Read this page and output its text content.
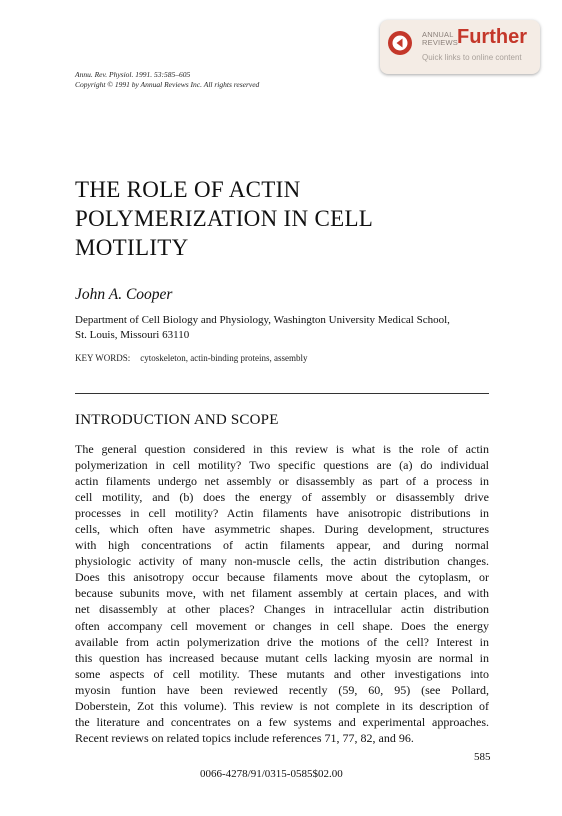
ANNUAL
REVIEWS Further
Quick links to online content
Annu. Rev. Physiol. 1991. 53:585–605
Copyright © 1991 by Annual Reviews Inc. All rights reserved
THE ROLE OF ACTIN
POLYMERIZATION IN CELL
MOTILITY
John A. Cooper
Department of Cell Biology and Physiology, Washington University Medical School,
St. Louis, Missouri 63110
KEY WORDS: cytoskeleton, actin-binding proteins, assembly
INTRODUCTION AND SCOPE
The general question considered in this review is what is the role of actin
polymerization in cell motility? Two specific questions are (a) do individual
actin filaments undergo net assembly or disassembly as part of a process in
cell motility, and (b) does the energy of assembly or disassembly drive
processes in cell motility? Actin filaments have anisotropic distributions in
cells, which often have asymmetric shapes. During development, structures
with high concentrations of actin filaments appear, and during normal
physiologic activity of many non-muscle cells, the actin distribution changes.
Does this anisotropy occur because filaments move about the cytoplasm, or
because subunits move, with net filament assembly at certain places, and with
net disassembly at other places? Changes in intracellular actin distribution
often accompany cell movement or changes in cell shape. Does the energy
available from actin polymerization drive the motions of the cell? Interest in
this question has increased because mutant cells lacking myosin are normal in
some aspects of cell motility. These mutants and other investigations into
myosin funtion have been reviewed recently (59, 60, 95) (see Pollard,
Doberstein, Zot this volume). This review is not complete in its description of
the literature and concentrates on a few systems and experimental approaches.
Recent reviews on related topics include references 71, 77, 82, and 96.
585
0066-4278/91/0315-0585$02.00
